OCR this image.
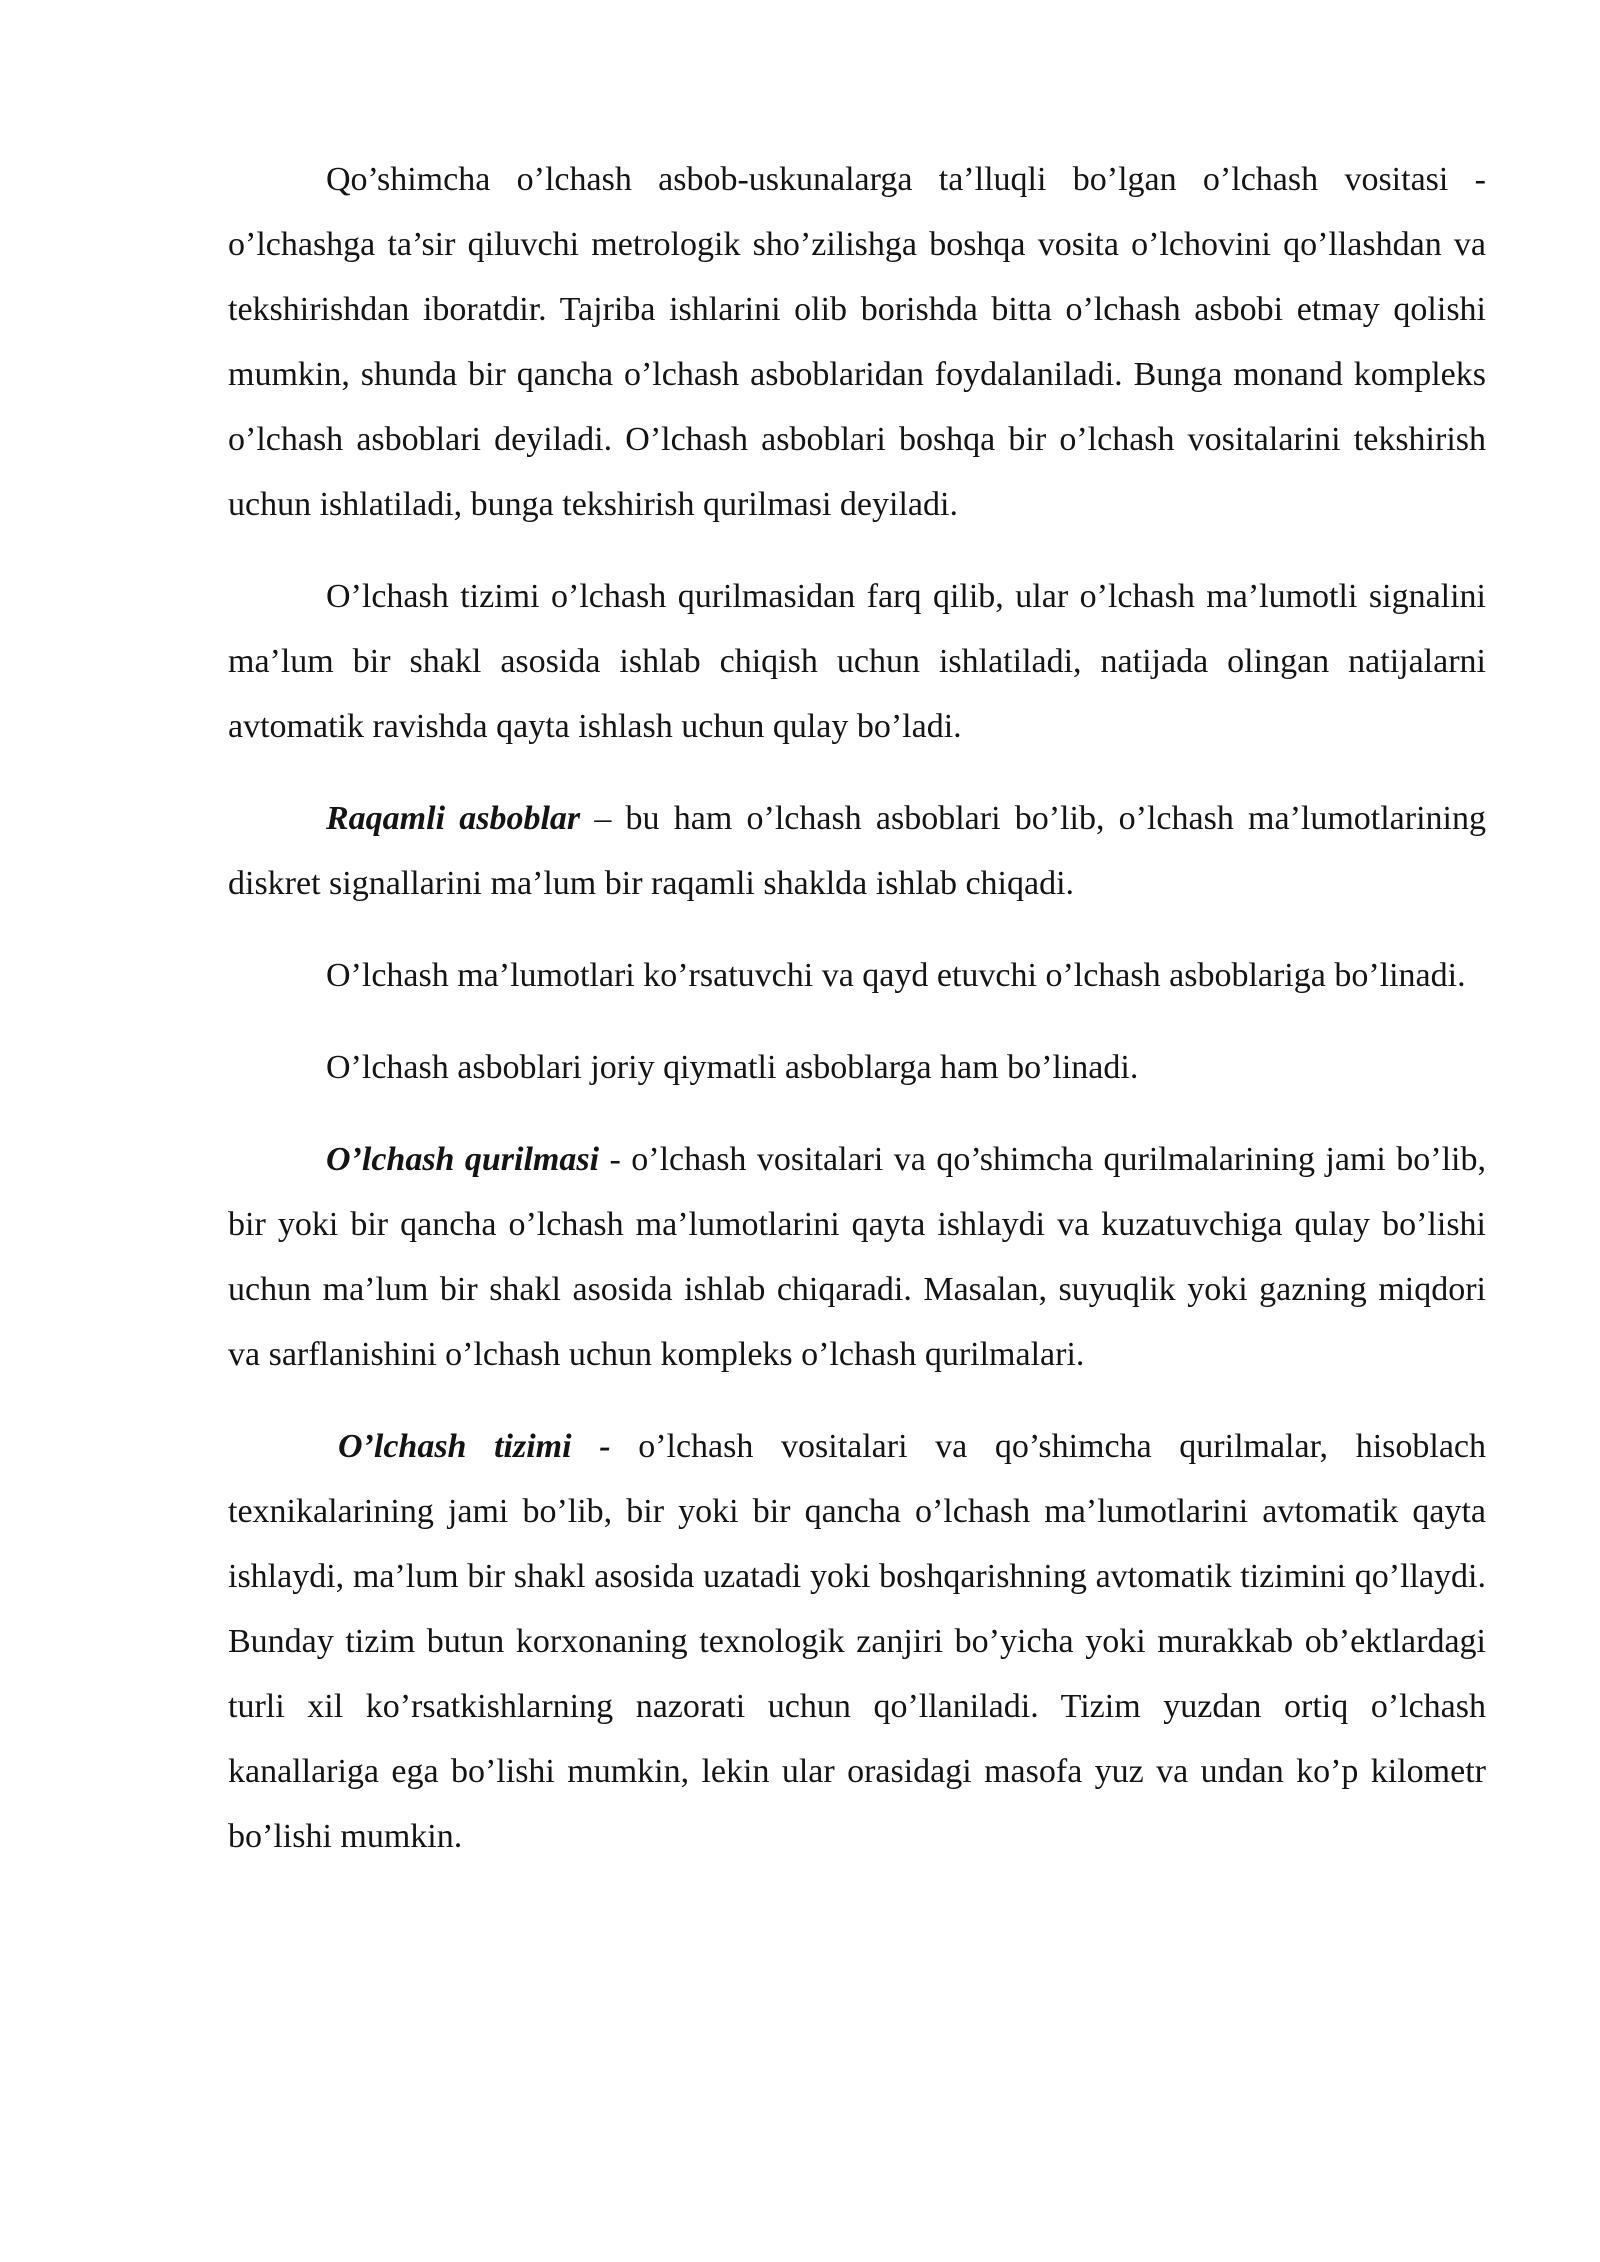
Qo’shimcha o’lchash asbob-uskunalarga ta’lluqli bo’lgan o’lchash vositasi - o’lchashga ta’sir qiluvchi metrologik sho’zilishga boshqa vosita o’lchovini qo’llashdan va tekshirishdan iboratdir. Tajriba ishlarini olib borishda bitta o’lchash asbobi etmay qolishi mumkin, shunda bir qancha o’lchash asboblaridan foydalaniladi. Bunga monand kompleks o’lchash asboblari deyiladi. O’lchash asboblari boshqa bir o’lchash vositalarini tekshirish uchun ishlatiladi, bunga tekshirish qurilmasi deyiladi.

O’lchash tizimi o’lchash qurilmasidan farq qilib, ular o’lchash ma’lumotli signalini ma’lum bir shakl asosida ishlab chiqish uchun ishlatiladi, natijada olingan natijalarni avtomatik ravishda qayta ishlash uchun qulay bo’ladi.

Raqamli asboblar – bu ham o’lchash asboblari bo’lib, o’lchash ma’lumotlarining diskret signallarini ma’lum bir raqamli shakldа ishlab chiqadi.

O’lchash ma’lumotlari ko’rsatuvchi va qayd etuvchi o’lchash asboblariga bo’linadi.

O’lchash asboblari joriy qiymatli asboblarga ham bo’linadi.

O’lchash qurilmasi - o’lchash vositalari va qo’shimcha qurilmalarining jami bo’lib, bir yoki bir qancha o’lchash ma’lumotlarini qayta ishlaydi va kuzatuvchiga qulay bo’lishi uchun ma’lum bir shakl asosida ishlab chiqaradi. Masalan, suyuqlik yoki gazning miqdori va sarflanishini o’lchash uchun kompleks o’lchash qurilmalari.

O’lchash tizimi - o’lchash vositalari va qo’shimcha qurilmalar, hisoblach texnikalarining jami bo’lib, bir yoki bir qancha o’lchash ma’lumotlarini avtomatik qayta ishlaydi, ma’lum bir shakl asosida uzatadi yoki boshqarishning avtomatik tizimini qo’llaydi. Bunday tizim butun korxonaning texnologik zanjiri bo’yicha yoki murakkab ob’ektlardagi turli xil ko’rsatkishlarning nazorati uchun qo’llaniladi. Tizim yuzdan ortiq o’lchash kanallariga ega bo’lishi mumkin, lekin ular orasidagi masofa yuz va undan ko’p kilometr bo’lishi mumkin.
